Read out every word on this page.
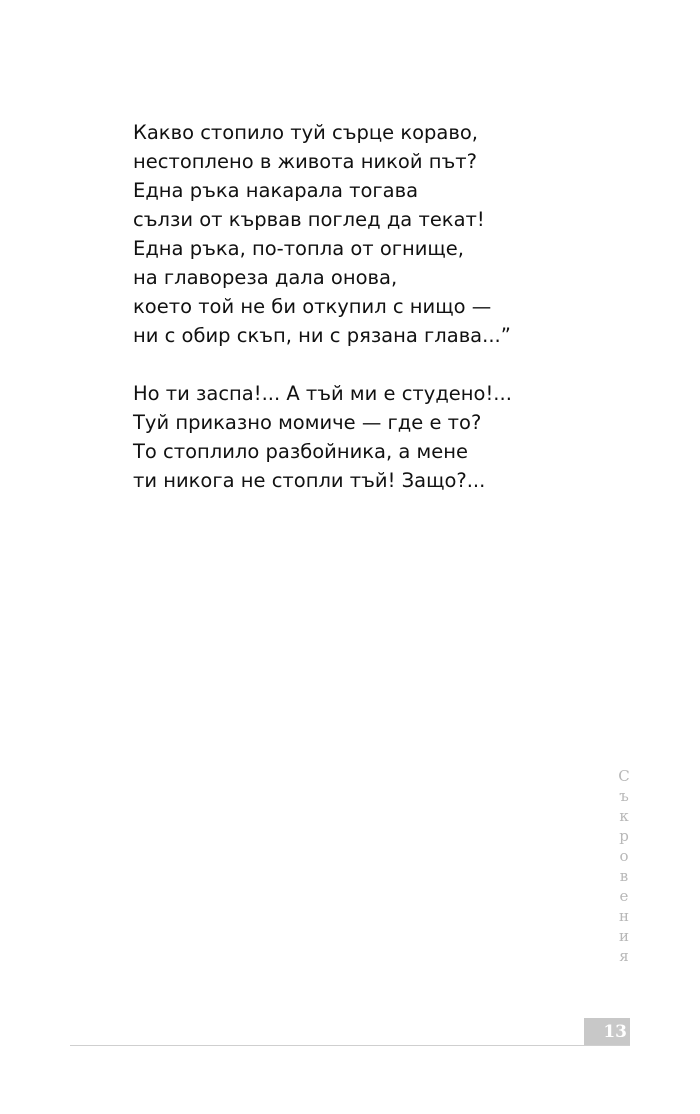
Какво стопило туй сърце корaво,
нестоплено в живота никой път?
Една ръка накарала тогава
сълзи от кървав поглед да текат!
Една ръка, по-топла от огнище,
на главореза дала онова,
което той не би откупил с нищо —
ни с обир скъп, ни с рязана глава...”
Но ти заспа!... А тъй ми е студено!...
Туй приказно момиче — где е то?
То стоплило разбойника, а мене
ти никога не стопли тъй! Защо?...
С
ъ
к
р
о
в
е
н
и
я
13
